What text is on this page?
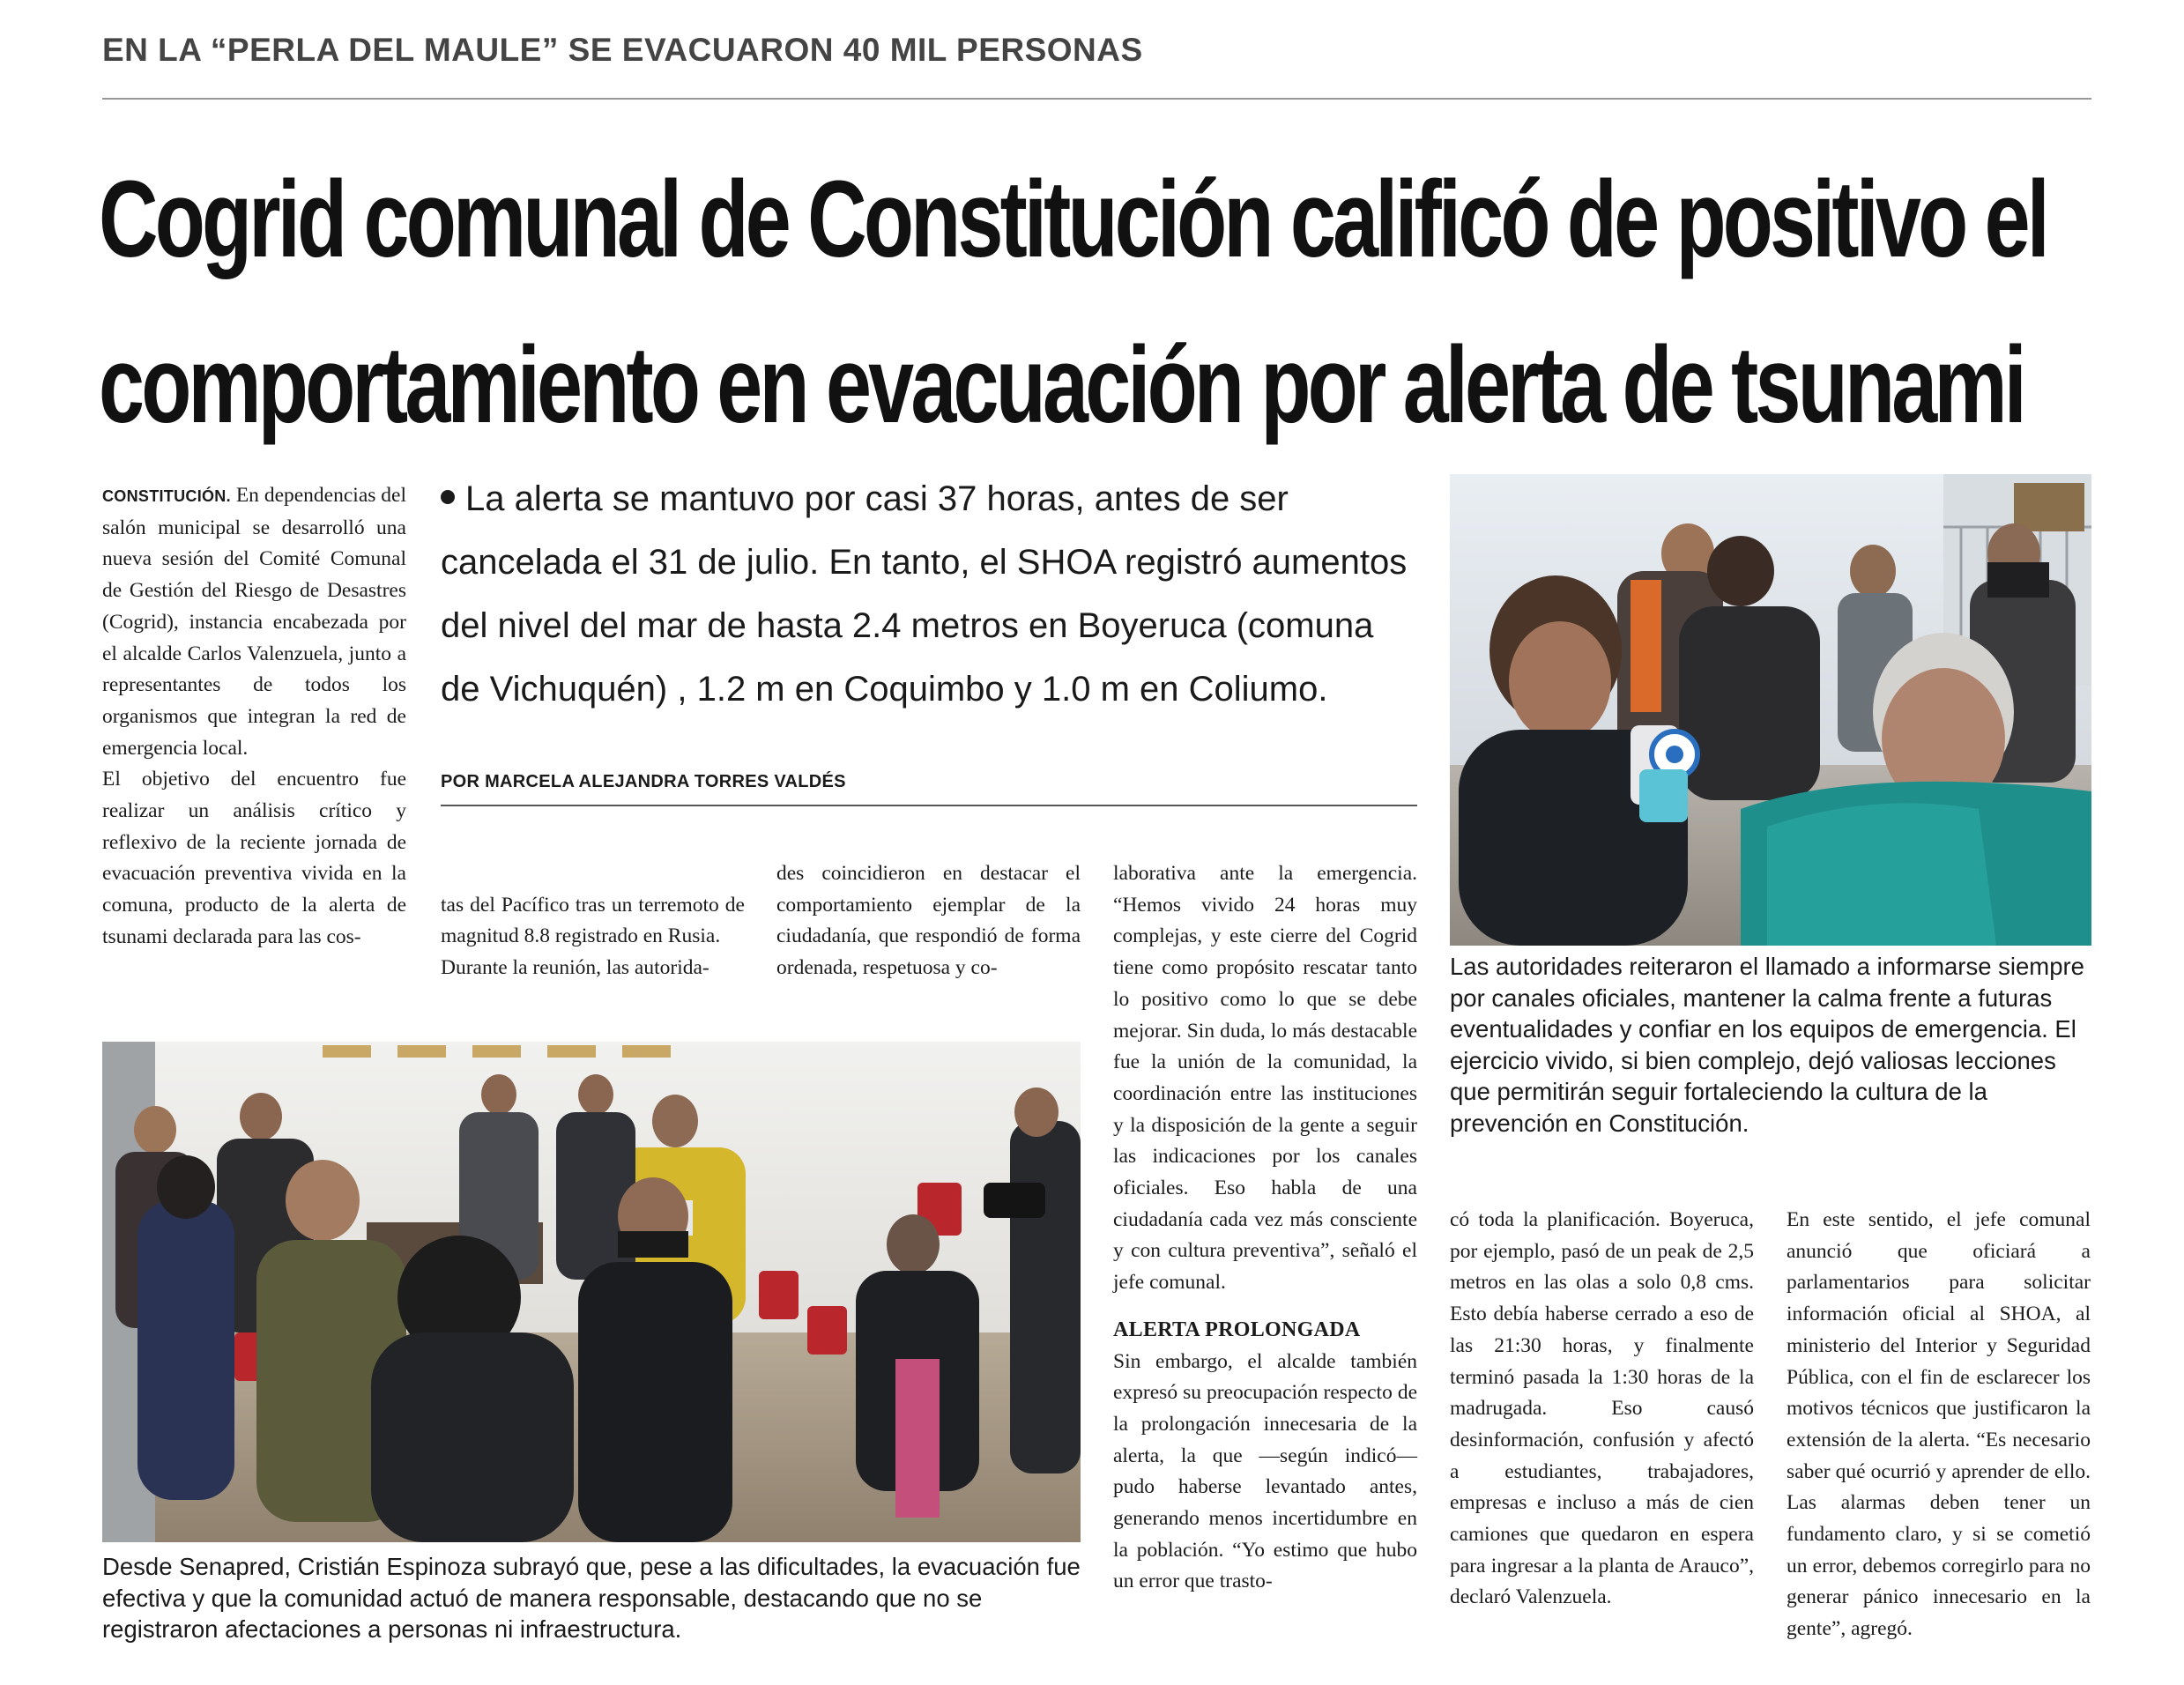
EN LA “PERLA DEL MAULE” SE EVACUARON 40 MIL PERSONAS
Cogrid comunal de Constitución calificó de positivo el
comportamiento en evacuación por alerta de tsunami

CONSTITUCIÓN. En dependencias del salón municipal se desarrolló una nueva sesión del Comité Comunal de Gestión del Riesgo de Desastres (Cogrid), instancia encabezada por el alcalde Carlos Valenzuela, junto a representantes de todos los organismos que integran la red de emergencia local.

El objetivo del encuentro fue realizar un análisis crítico y reflexivo de la reciente jornada de evacuación preventiva vivida en la comuna, producto de la alerta de tsunami declarada para las cos-

La alerta se mantuvo por casi 37 horas, antes de ser cancelada el 31 de julio. En tanto, el SHOA registró aumentos del nivel del mar de hasta 2.4 metros en Boyeruca (comuna de Vichuquén) , 1.2 m en Coquimbo y 1.0 m en Coliumo.
POR MARCELA ALEJANDRA TORRES VALDÉS

tas del Pacífico tras un terremoto de magnitud 8.8 registrado en Rusia.
Durante la reunión, las autorida-

des coincidieron en destacar el comportamiento ejemplar de la ciudadanía, que respondió de forma ordenada, respetuosa y co-

laborativa ante la emergencia. “Hemos vivido 24 horas muy complejas, y este cierre del Cogrid tiene como propósito rescatar tanto lo positivo como lo que se debe mejorar. Sin duda, lo más destacable fue la unión de la comunidad, la coordinación entre las instituciones y la disposición de la gente a seguir las indicaciones por los canales oficiales. Eso habla de una ciudadanía cada vez más consciente y con cultura preventiva”, señaló el jefe comunal.

ALERTA PROLONGADA

Sin embargo, el alcalde también expresó su preocupación respecto de la prolongación innecesaria de la alerta, la que —según indicó— pudo haberse levantado antes, generando menos incertidumbre en la población. “Yo estimo que hubo un error que trasto-

có toda la planificación. Boyeruca, por ejemplo, pasó de un peak de 2,5 metros en las olas a solo 0,8 cms. Esto debía haberse cerrado a eso de las 21:30 horas, y finalmente terminó pasada la 1:30 horas de la madrugada. Eso causó desinformación, confusión y afectó a estudiantes, trabajadores, empresas e incluso a más de cien camiones que quedaron en espera para ingresar a la planta de Arauco”, declaró Valenzuela.

En este sentido, el jefe comunal anunció que oficiará a parlamentarios para solicitar información oficial al SHOA, al ministerio del Interior y Seguridad Pública, con el fin de esclarecer los motivos técnicos que justificaron la extensión de la alerta. “Es necesario saber qué ocurrió y aprender de ello. Las alarmas deben tener un fundamento claro, y si se cometió un error, debemos corregirlo para no generar pánico innecesario en la gente”, agregó.

Las autoridades reiteraron el llamado a informarse siempre por canales oficiales, mantener la calma frente a futuras eventualidades y confiar en los equipos de emergencia. El ejercicio vivido, si bien complejo, dejó valiosas lecciones que permitirán seguir fortaleciendo la cultura de la prevención en Constitución.
Desde Senapred, Cristián Espinoza subrayó que, pese a las dificultades, la evacuación fue efectiva y que la comunidad actuó de manera responsable, destacando que no se registraron afectaciones a personas ni infraestructura.
